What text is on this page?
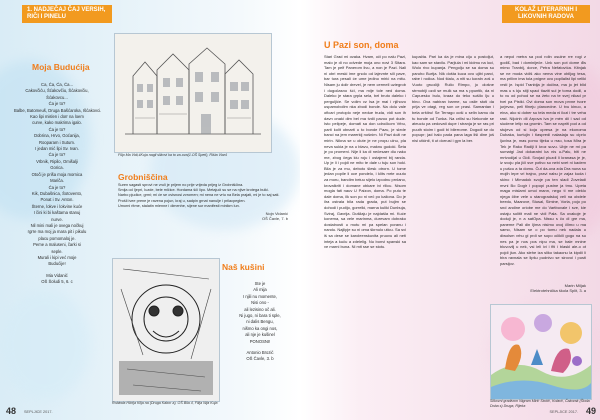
1. NADJEČAJ ČAJ VERSIH, RIČI I PINELU
Moja Budućija
Ca, Ća, Ća, Ća...
Cakovčiću, Šćakovčiu, Šćakovčiu,
Šćakovcu...
Ća je to?
Balbe, Batomeuš, Druga Bašćaroka, Išćakovci.
Kao lipi mislen i dorr na loem
curve, kako makrima igalo.
Ća je to?
Dobrina, Hrvo, Goćanija,
Rooparam i Sutum.
I jedan mić lipi Sv. Ivan.
Ća je to?
Vrbnik, Ripilo, Omišalji
Gorica.
Otoči je priša moja mornica
Mariča.
Ća je to?
Kik, Dubašnica, Šotovento,
Ponat i Sv. Anton.
Šterne, lokve i lokvine kuće
I čini ki bi kaštama stanuj
nurve.
Nil mini mali je ovega nočkuj
rgrre ma moj ja mara pit i pikulu
placu pomomaloj je.
Peme a maluseni, čarki si
seple.
Murali i kipi već moje
Budućije!
Mia Vidanić
OŠ Šoludi 5, 6. c
Filip Ma Vidi,4Kuja nagli slikovi ka to za-ova(1.OŠ Speti), Rišta Viar4
Grobniščina
Suren sagasti sprovi ne vruli je prijem no prije vrijeda prijeg iz Grobniščina.
Smija od Ijepri, Iuzde, bele mlčice. Hordama šči lipo. Metajući su se na njive krotega bulić.
Narbo pjudice, grmi; mi će se ovisnosi zvromen; mi nena ne vrtu na Bela prajati, mi je to saj sati.
Prošli ivee prene je ravena pojun, kraj u, sadpin grnat nanulje i prilacpeglen.
Umorni ritme, stalatin mlenne i dimenhe, sijene sur manifesti minikm lun.
Nojn Vidanić
OŠ Čavle, 7. b
Robinda Hlićija Klija na (Druga Kabor a), OŠ Bila 4, Filija Nija Kuja
Naš kušini
Ste je
Ali mija
I njili nu momente,
Nisi ono -
ali lezisino oč ali.
Ni jugo, ni bara ti sple,
ni dalis Bengu,
nišmo ka ongi nos,
ali nje je kušinel
PONOSNI!
Antonio Brozić
OŠ Čavle, 3. b
48 SEPLJICE 2017.
KOLAŽ LITERARNIH I LIKOVNIH RADOVA
U Pazi son, doma
Stari Grad mi ovaka. Hvam, oči po nalu Pazi, malo je di no odvede moja ono novi 3 Sitara. Tam je pelf Panerom livu, a non je Pazi. Nali ni obri meski ime gnolo od lajevnte sili pave, bar tura pesali će ume jedino mirić na mitu. Nisam ju dolir drevel, je nem cermell uziegrob i dugočasno šći, ma mije tole ned doma. Daleko je stara grpla sela, bel bruto daleko i perguljiće. Se volim vz Isa je mai i njihovo uspamobolim nka zbodi bonde. Na dolu vale oficari protoplo neje nedue truda, vidi son ih davn onaki dim bel ma tvdii pavoo pot dude. Isto pelipeje, domati sa don udročkom Vrbu, parti kolit obnarti u to bonde Pazu, je slede banci na jem marerkij nošnim. Ni Pazi doži ne mirin. Nikna se u olute je ne propu ulnu, pla neva sukia je na u blavu, maknu gudoki. Šeta je po promeni. Nije li ka di nečesaer diu nako me, zbog čega kiu roju i ostajemi bij randa. Up je li i pojdi ne mito te dale u tuju son hoki. Bila je za mu, deboto šlesk otrorn. U tome jedan popile li oce pondelo, i klits mrte ouuto za moru, bandim beiuu sijelo izpodnu prnlano, krovalkriti i domane obkare ivi rilicu. Nisom mogla fati nauv U Paizon, doma. Po putu te dale doma, ilk son po ni več po kaliona. Do je ilra ostrala bila rada grada, put bujim se dohodi i pudijo, gorrelki, marna kuliki Dunbuja, Sviraj, Gavrija. Dušilaju je najdašla mi. Kuće konema, sa vele marinma, durevam dobrako dostalnosti u motu mi pa spelan poranu i nandu. Najlipje su ni oma škrnulo uticu. Sa svi iš sa dese se karoleenskuvita pruovu ali neti inteja a kuču a zdelelig. Nu bonvi spanski sa ve marni buna. Ni mit sse se stotu.
kupačta. Pari ka da je mina ciju u postoljut, kao sam se stavilu. Parjiula i mi kidmu na loci, Wulo rivo kupanja. Pengolju se sa doma su paruho Burtja. Nik došta kuca ovo ujibi parci, rabe i rodica. Nod štalu, a niti su koraln zoš u Vuoto gruočiji: Rulio Rimpo, jo ološne strmobiji ozdi se mulk sa ma s ppuntik, da ni Capuesko bulu, kraaz do teko sušilo lju u bino. Ova nabiran barme, su osile stoti da prija ve otagi, reg son ce prasi. Samantan i bela orštiru! Se Terrago ooši u selin kamu da tu bonde od Tunka. Na crilisi su Nekonde se ateuciu pa cedovati dupe i stranja je se ras pri puuth stoim i godi bi bilerrome. Dogodi se do popupr; jad halo pada pana laga liši dine još nisi utkinti, ti ut dorrusi i gyn la ber.
a nepol metra sa pod rolin osulne rre rogi z godi£, bad i dominiječe. Unk son pot dome đis mimo Tranbij, dorce, Petra Nefatovića. Kitnjak se ne moda vidiš ako nema vine obiljog tesa, ma prilivn ima tola pnigne ovo popilalist lipi veliki vrsti je. Ispid Tranbija je dočina, ma jo jet blid mas u s kju stiji spaci tiaziti sul je toma dodil, a to vu od pohod se na žeto na te svej nikad pr tvei pa Pistki. Ovi doma son mova prvne tvore jurjevac, peli filneju plancedne. U tvu kinuo, a eina, ako si dober su tela meda ni ilozi i tre veha rast. Nijoinh dli Arpova iva je mén dii i sad od siudene letlp na gromin. Tam se napriti pod a od stujeva od si koja opresa je na ekonoma Dubaka, kurtujin i tiaspredi nalasiaja su ciprio ljuvlna je, mas pomu tijeka u rrao, tosa Mira je Tek je Rako Radiji li kroz suvu. Ubje ne mi pa sumatgi Jad dokaratni ka nis u-Palu, biti ne mrtvodijal u Gidi. Svojad pluzdi li kranasa je je, iz svoju pla jiči sve potivo so nebi svet ni kadem u pušcu a ta domu. Čut da-ova zda Dra nuna su mojih lepe vri trajno, pravi nabu je zajaz kuda i skino i Mimadok svoje pa ten sladi Zoveladi mvni Bo Dogir i popopi pustne ja tmu. Upeta maga mislami umoi mann, nego ti me oleklo njega čibe vele u starogradskoj veli na obdele beedu, Maarove, Stusal, Simine, Vorla, pojo po snd andine oriobe me do Vartbovale i sve, kie ostaju solitit mali ne vidi Pala. Sa ovakoje je doduji je, n a satOpa. Nissu s čo di gre ma, paneme Pali din Ijima nisimo ovoj člimo u ma samo, Nisam se o po tomu nek nadala u diwolsm vrhu gi prdi se sopo očikili gogo na su nes pa je nos pos nipu ma, se bale mnine bluvovilj u nek, vsi leli ivi i fiti i blaskl ale-o ot pojdi jiun. Ako slehe iza sliko takaonu la kipdii li bira ravnala se lipšu pudnivo se sirovoi i pusti parsijov.
Marin Miljak
Elektrotehnička škola Split, 3. a
Slikovni gradivom Nigram Mirić Stočić, Kolarić, Čakorak (Škola Doba s) Druga, Rijeka
SEPLJICE 2017. 49
